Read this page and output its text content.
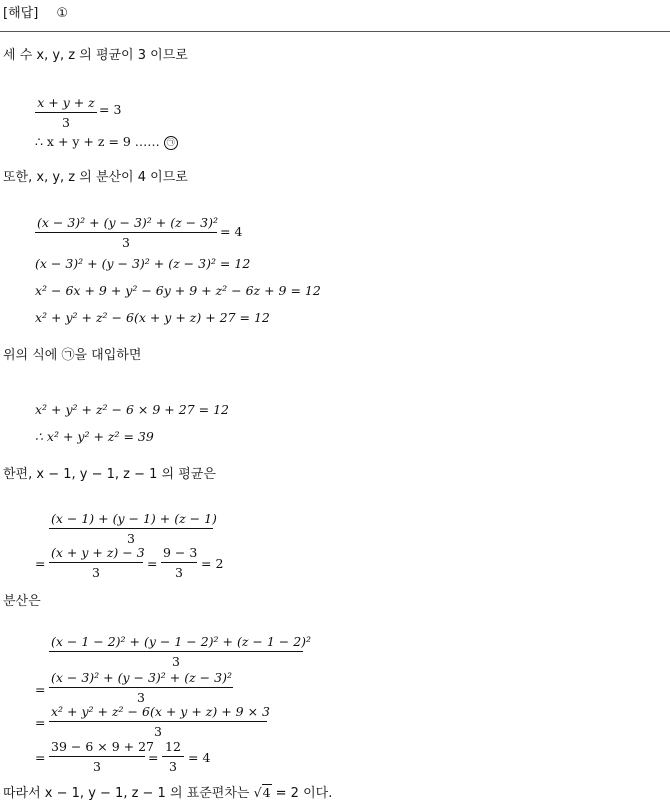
[해답] ①
세 수 x, y, z 의 평균이 3 이므로
$\frac{x + y + z}{3} = 3$
∴ x + y + z = 9 …… ㉠
또한, x, y, z 의 분산이 4 이므로
$\frac{\text{(x − 3)² + (y − 3)² + (z − 3)²}}{3} = 4$
(x − 3)² + (y − 3)² + (z − 3)² = 12
x² − 6x + 9 + y² − 6y + 9 + z² − 6z + 9 = 12
x² + y² + z² − 6(x + y + z) + 27 = 12
위의 식에 ㉠을 대입하면
x² + y² + z² − 6 × 9 + 27 = 12
∴ x² + y² + z² = 39
한편, x − 1, y − 1, z − 1 의 평균은
$\frac{(x - 1) + (y - 1) + (z - 1)}{3}$
= $\frac{(x + y + z) - 3}{3} = \frac{9 - 3}{3} = 2$
분산은
$\frac{\text{(x − 1 − 2)² + (y − 1 − 2)² + (z − 1 − 2)²}}{3}$
= $\frac{\text{(x − 3)² + (y − 3)² + (z − 3)²}}{3}$
= $\frac{\text{x² + y² + z² − 6(x + y + z) + 9 × 3}}{3}$
= $\frac{39 - 6 \times 9 + 27}{3} = \frac{12}{3} = 4$
따라서 x − 1, y − 1, z − 1 의 표준편차는 √4 = 2 이다.
